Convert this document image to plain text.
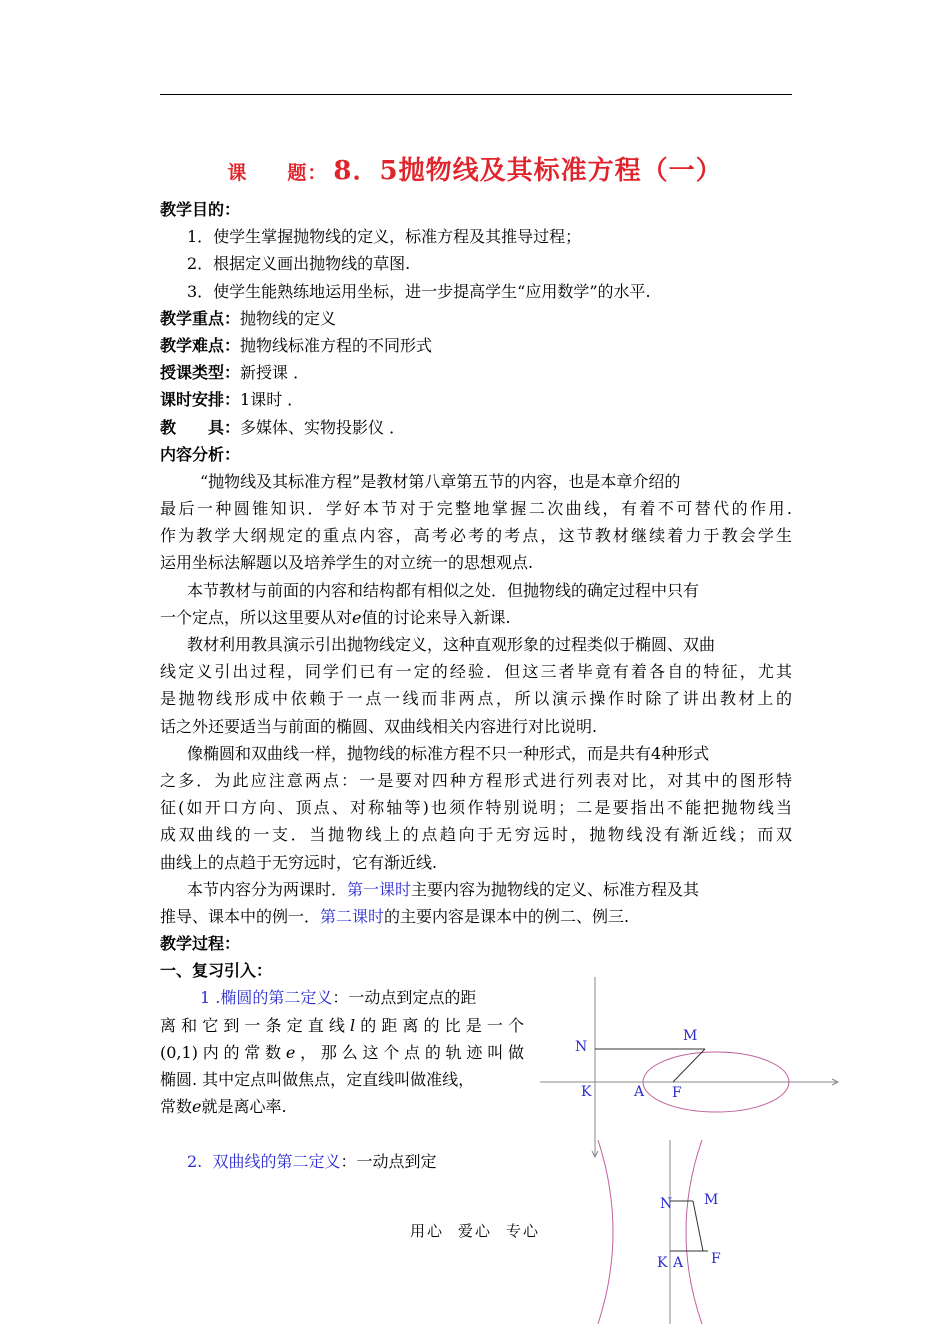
课　　题： 8．5抛物线及其标准方程（一）
教学目的：
1．使学生掌握抛物线的定义，标准方程及其推导过程；
2．根据定义画出抛物线的草图.
3．使学生能熟练地运用坐标，进一步提高学生“应用数学”的水平.
教学重点：抛物线的定义
教学难点：抛物线标准方程的不同形式
授课类型：新授课 ．
课时安排：1课时 ．
教　　具：多媒体、实物投影仪 ．
内容分析：
“抛物线及其标准方程”是教材第八章第五节的内容，也是本章介绍的
最后一种圆锥知识．学好本节对于完整地掌握二次曲线，有着不可替代的作用.
作为教学大纲规定的重点内容，高考必考的考点，这节教材继续着力于教会学生
运用坐标法解题以及培养学生的对立统一的思想观点.
本节教材与前面的内容和结构都有相似之处．但抛物线的确定过程中只有
一个定点，所以这里要从对e值的讨论来导入新课.
教材利用教具演示引出抛物线定义，这种直观形象的过程类似于椭圆、双曲
线定义引出过程，同学们已有一定的经验．但这三者毕竟有着各自的特征，尤其
是抛物线形成中依赖于一点一线而非两点，所以演示操作时除了讲出教材上的
话之外还要适当与前面的椭圆、双曲线相关内容进行对比说明.
像椭圆和双曲线一样，抛物线的标准方程不只一种形式，而是共有4种形式
之多．为此应注意两点：一是要对四种方程形式进行列表对比，对其中的图形特
征(如开口方向、顶点、对称轴等)也须作特别说明；二是要指出不能把抛物线当
成双曲线的一支．当抛物线上的点趋向于无穷远时，抛物线没有渐近线；而双
曲线上的点趋于无穷远时，它有渐近线.
本节内容分为两课时．第一课时主要内容为抛物线的定义、标准方程及其
推导、课本中的例一．第二课时的主要内容是课本中的例二、例三.
教学过程：
一、复习引入：
1 .椭圆的第二定义：一动点到定点的距
离和它到一条定直线l的距离的比是一个
(0,1)内的常数e，那么这个点的轨迹叫做
椭圆. 其中定点叫做焦点，定直线叫做准线，
常数e就是离心率.
2. 双曲线的第二定义：一动点到定
N
M
K	A F
N M
K A F
用心 爱心 专心
